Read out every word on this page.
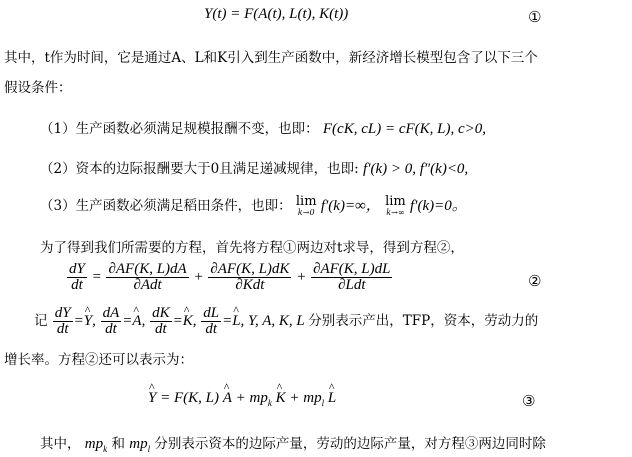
Y(t) = F(A(t), L(t), K(t))	①
其中，t作为时间，它是通过A、L和K引入到生产函数中，新经济增长模型包含了以下三个
假设条件：
（1）生产函数必须满足规模报酬不变，也即： F(cK, cL) = cF(K, L), c>0,
（2）资本的边际报酬要大于0且满足递减规律，也即: f′(k) > 0, f″(k)<0,
（3）生产函数必须满足稻田条件，也即： lim
k→0 f′(k)=∞， lim
k→∞ f′(k)=0。
为了得到我们所需要的方程，首先将方程①两边对t求导，得到方程②，
$\frac{dY}{dt} = \frac{\partial AF(K, L)dA}{\text{∂Adt}} + \frac{\partial AF(K, L)dK}{\text{∂Kdt}} + \frac{\partial AF(K, L)dL}{\text{∂Ldt}}$	②
记 $\frac{dY}{dt}$ =^ Y, $\frac{dA}{dt}$ =^ A, $\frac{dK}{dt}$ =^ K, $\frac{dL}{dt}$ =^ L, Y, A, K, L 分别表示产出，TFP，资本，劳动力的
增长率。方程②还可以表示为：
^ Y = F(K, L) ^ $A + mp_k$ ^ $K + mp_l$ ^ L	③
其中， $mp_k$ 和 $mp_l$ 分别表示资本的边际产量，劳动的边际产量，对方程③两边同时除
